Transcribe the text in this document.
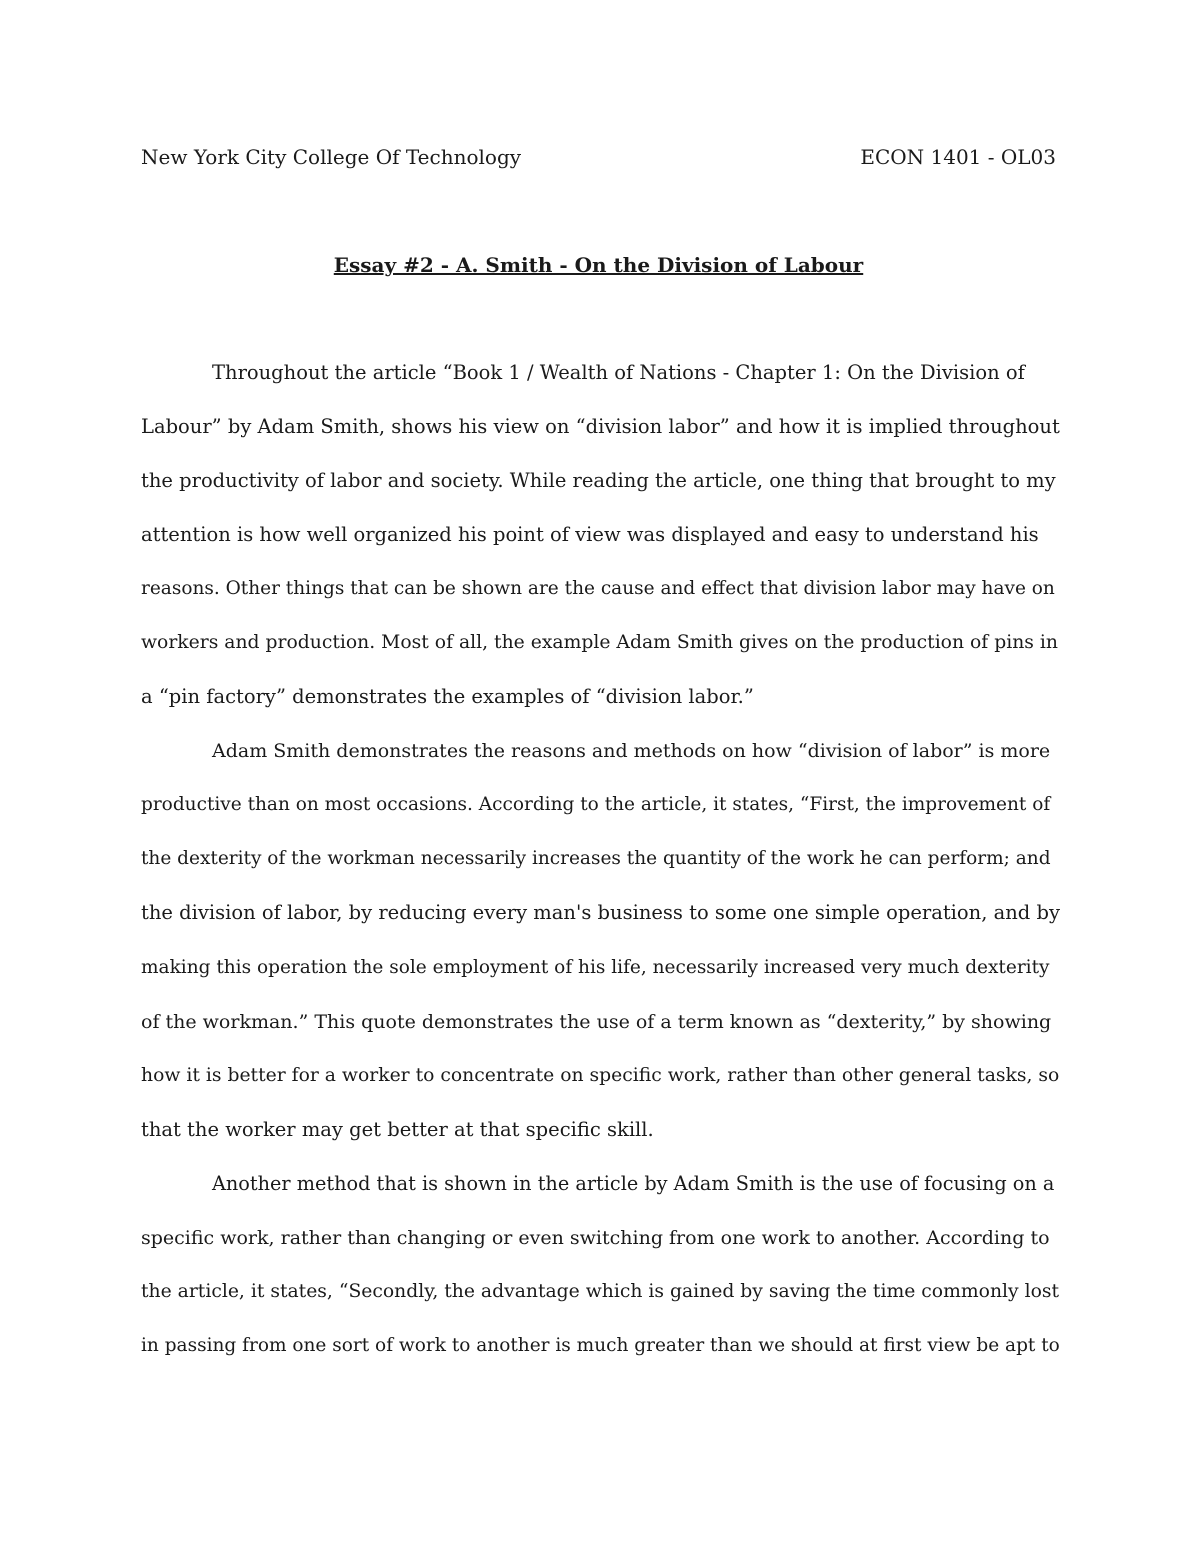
New York City College Of Technology	ECON 1401 - OL03
Essay #2 - A. Smith - On the Division of Labour
Throughout the article “Book 1 / Wealth of Nations - Chapter 1: On the Division of
Labour” by Adam Smith, shows his view on “division labor” and how it is implied throughout
the productivity of labor and society. While reading the article, one thing that brought to my
attention is how well organized his point of view was displayed and easy to understand his
reasons. Other things that can be shown are the cause and effect that division labor may have on
workers and production. Most of all, the example Adam Smith gives on the production of pins in
a “pin factory” demonstrates the examples of “division labor.”
Adam Smith demonstrates the reasons and methods on how “division of labor” is more
productive than on most occasions. According to the article, it states, “First, the improvement of
the dexterity of the workman necessarily increases the quantity of the work he can perform; and
the division of labor, by reducing every man's business to some one simple operation, and by
making this operation the sole employment of his life, necessarily increased very much dexterity
of the workman.” This quote demonstrates the use of a term known as “dexterity,” by showing
how it is better for a worker to concentrate on specific work, rather than other general tasks, so
that the worker may get better at that specific skill.
Another method that is shown in the article by Adam Smith is the use of focusing on a
specific work, rather than changing or even switching from one work to another. According to
the article, it states, “Secondly, the advantage which is gained by saving the time commonly lost
in passing from one sort of work to another is much greater than we should at first view be apt to
